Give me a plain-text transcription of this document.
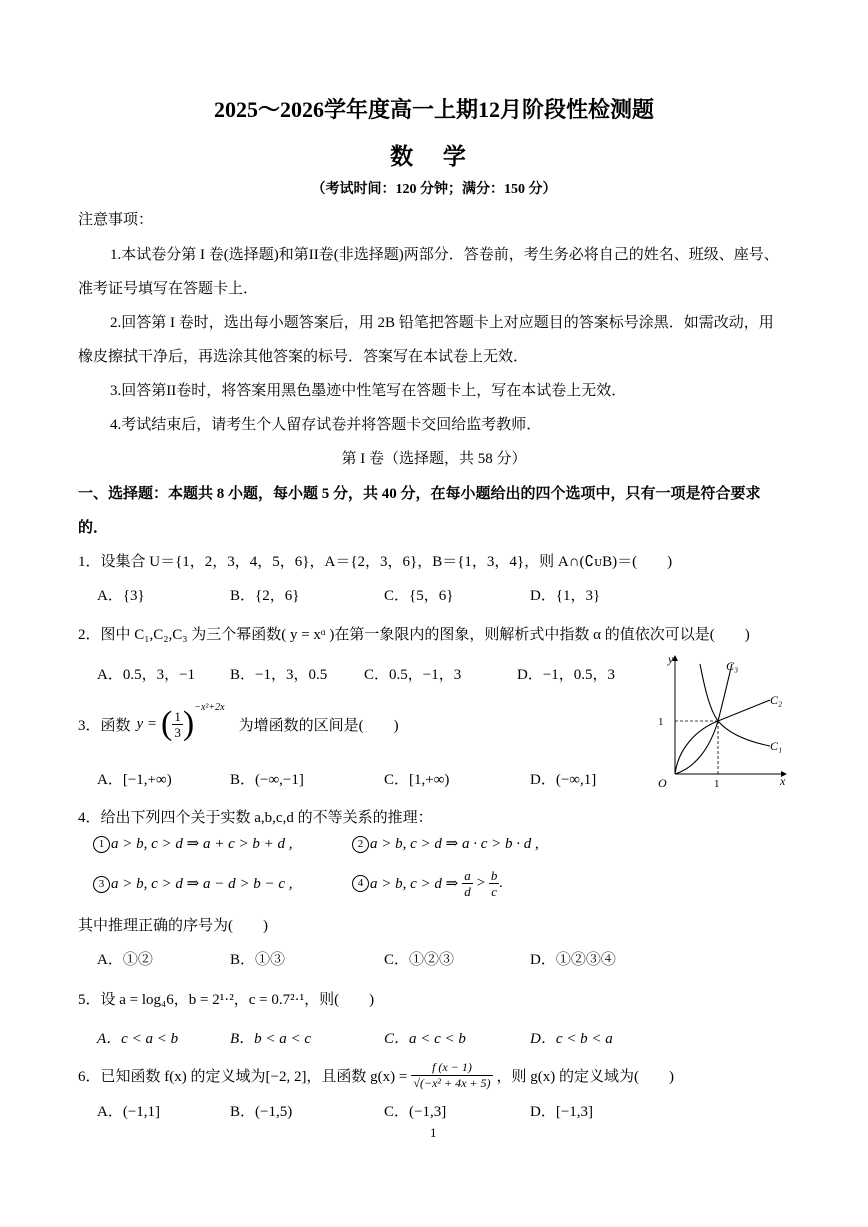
2025～2026学年度高一上期12月阶段性检测题
数 学
（考试时间：120 分钟；满分：150 分）
注意事项：
1.本试卷分第 I 卷(选择题)和第II卷(非选择题)两部分．答卷前，考生务必将自己的姓名、班级、座号、
准考证号填写在答题卡上．
2.回答第 I 卷时，选出每小题答案后，用 2B 铅笔把答题卡上对应题目的答案标号涂黑．如需改动，用
橡皮擦拭干净后，再选涂其他答案的标号．答案写在本试卷上无效．
3.回答第II卷时，将答案用黑色墨迹中性笔写在答题卡上，写在本试卷上无效．
4.考试结束后，请考生个人留存试卷并将答题卡交回给监考教师．
第 I 卷（选择题，共 58 分）
一、选择题：本题共 8 小题，每小题 5 分，共 40 分，在每小题给出的四个选项中，只有一项是符合要求
的．
1．设集合 U＝{1，2，3，4，5，6}，A＝{2，3，6}，B＝{1，3，4}，则 A∩(∁ᴜB)＝(　　)
A．{3}	B．{2，6}	C．{5，6}	D．{1，3}
2．图中 C₁,C₂,C₃ 为三个幂函数( y = xᵅ )在第一象限内的图象，则解析式中指数 α 的值依次可以是(　　)
A．0.5，3，−1 B．−1，3，0.5 C．0.5，−1，3	D．−1，0.5，3
3．函数 y = ( $\frac{1}{3}$ ) −x²+2x
为增函数的区间是(　　)
A．[−1,+∞)	B．(−∞,−1]	C．[1,+∞)	D．(−∞,1]
y
x
O	1
1
C₃
C₂
C₁
4．给出下列四个关于实数 a,b,c,d 的不等关系的推理：
1 a > b, c > d ⇒ a + c > b + d ,	2 a > b, c > d ⇒ a · c > b · d ,
3 a > b, c > d ⇒ a − d > b − c ,	4 a > b, c > d ⇒ $\frac{a}{d} > \frac{b}{c}$ .
其中推理正确的序号为(　　)
A．①②	B．①③	C．①②③	D．①②③④
5．设 a = log₄6，b = 2¹·²，c = 0.7²·¹，则(　　)
A．c < a < b	B．b < a < c	C．a < c < b	D．c < b < a
6．已知函数 f(x) 的定义域为[−2, 2]，且函数 $g(x) = \frac{f (x - 1)}{\text{√(−x² + 4x + 5)}}$ ，则 g(x) 的定义域为(　　)
A．(−1,1]	B．(−1,5)	C．(−1,3]	D．[−1,3]
1
